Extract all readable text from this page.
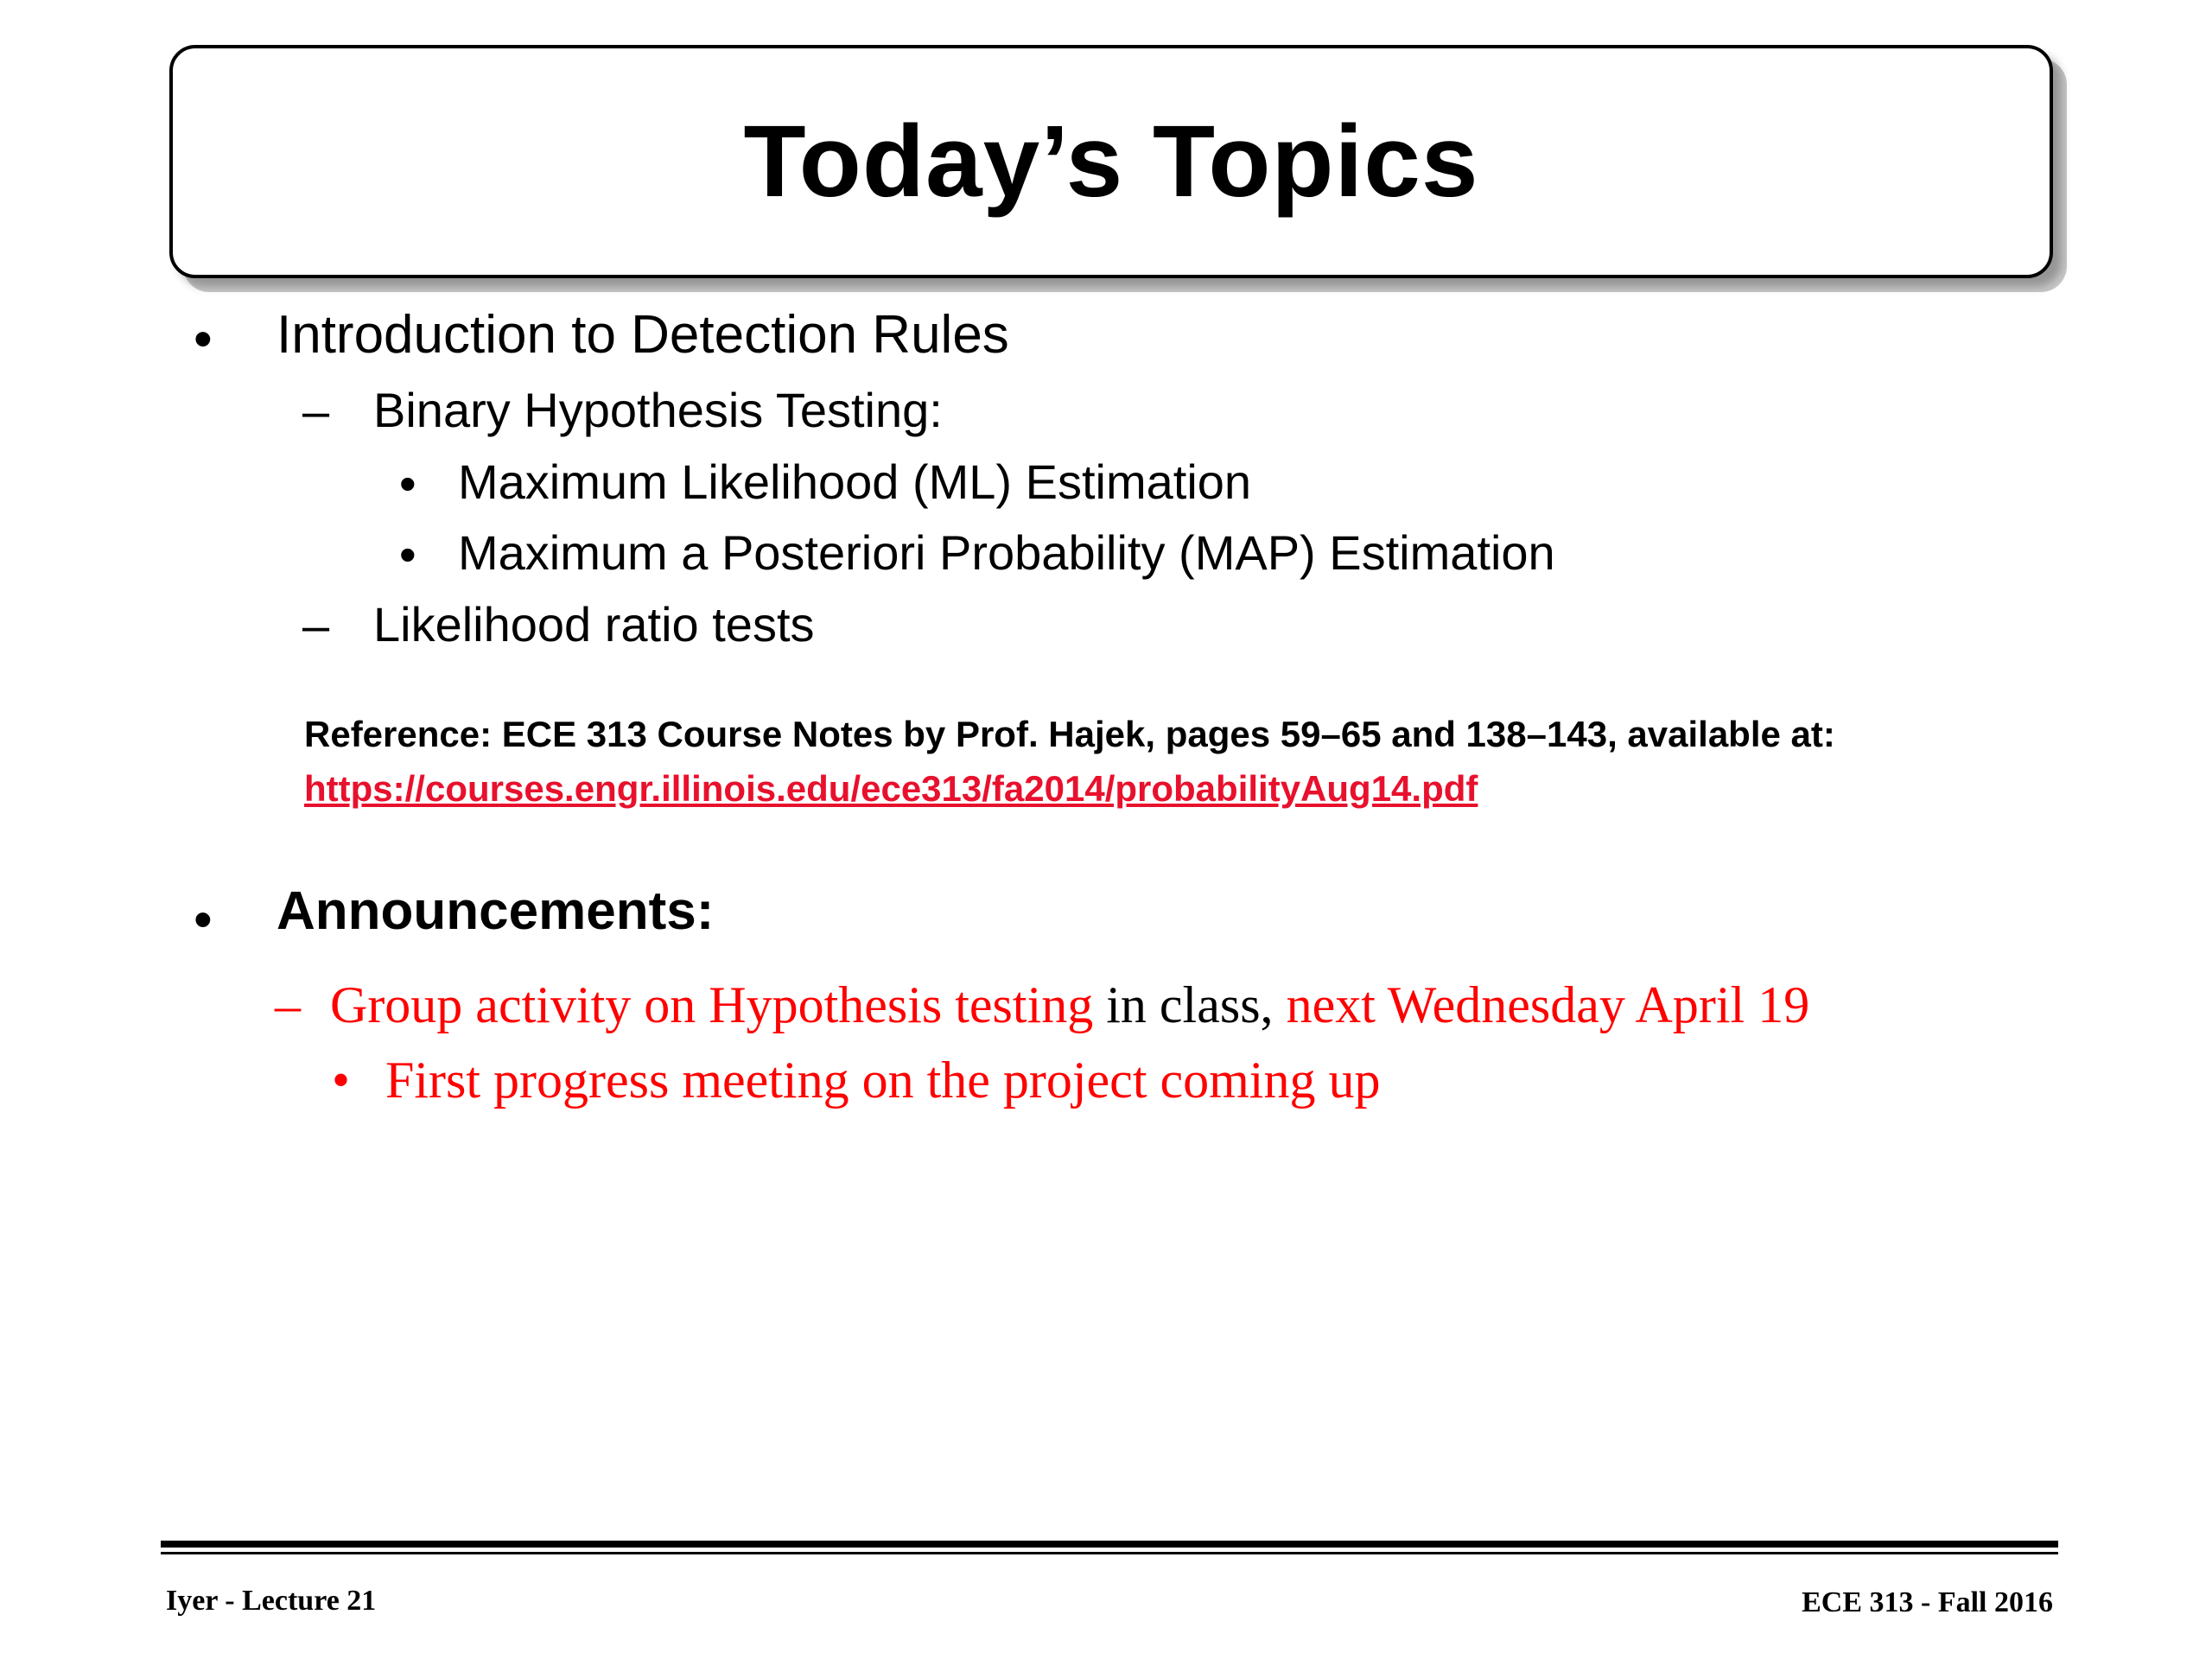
Today’s Topics
• Introduction to Detection Rules
– Binary Hypothesis Testing:
• Maximum Likelihood (ML) Estimation
• Maximum a Posteriori Probability (MAP) Estimation
– Likelihood ratio tests
Reference: ECE 313 Course Notes by Prof. Hajek, pages 59–65 and 138–143, available at:
https://courses.engr.illinois.edu/ece313/fa2014/probabilityAug14.pdf
• Announcements:
– Group activity on Hypothesis testing in class, next Wednesday April 19
• First progress meeting on the project coming up
Iyer - Lecture 21	ECE 313 - Fall 2016
